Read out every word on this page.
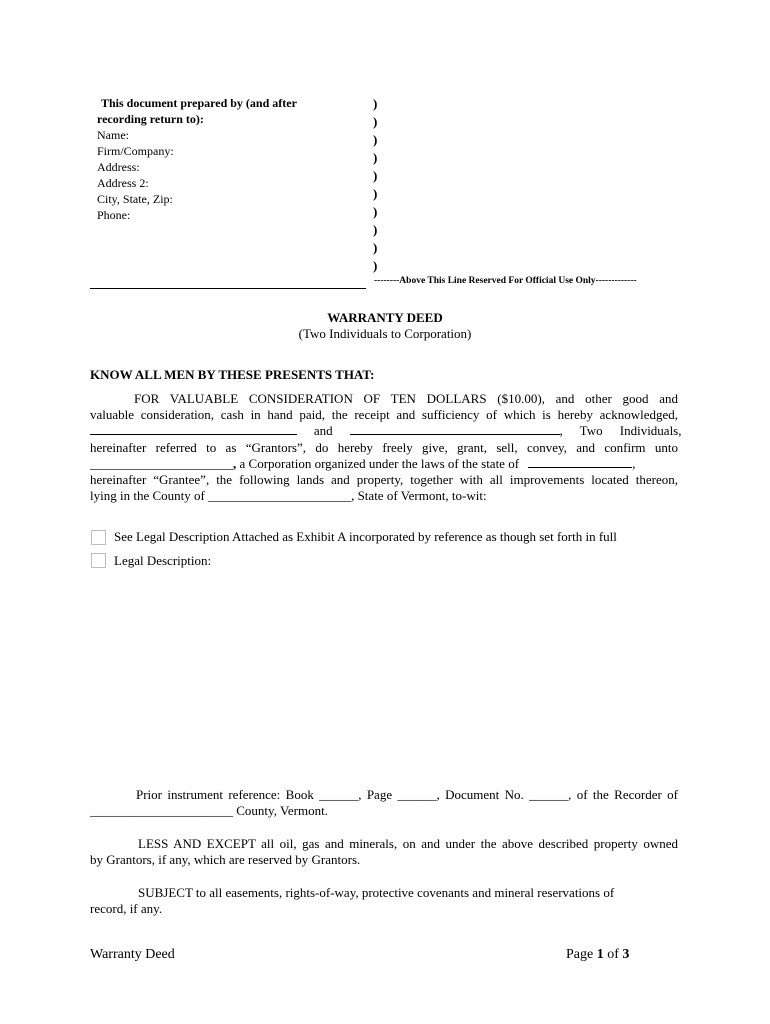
This document prepared by (and after
recording return to):
Name:
Firm/Company:
Address:
Address 2:
City, State, Zip:
Phone:
)
)
)
)
)
)
)
)
)
)
--------Above This Line Reserved For Official Use Only-------------
WARRANTY DEED
(Two Individuals to Corporation)
KNOW ALL MEN BY THESE PRESENTS THAT:
FOR VALUABLE CONSIDERATION OF TEN DOLLARS ($10.00), and other good and
valuable consideration, cash in hand paid, the receipt and sufficiency of which is hereby acknowledged,
and	, Two Individuals,
hereinafter referred to as “Grantors”, do hereby freely give, grant, sell, convey, and confirm unto
______________________, a Corporation organized under the laws of the state of	,
hereinafter “Grantee”, the following lands and property, together with all improvements located thereon,
lying in the County of ______________________, State of Vermont, to-wit:
See Legal Description Attached as Exhibit A incorporated by reference as though set forth in full
Legal Description:
Prior instrument reference: Book ______, Page ______, Document No. ______, of the Recorder of
______________________ County, Vermont.
LESS AND EXCEPT all oil, gas and minerals, on and under the above described property owned
by Grantors, if any, which are reserved by Grantors.
SUBJECT to all easements, rights-of-way, protective covenants and mineral reservations of
record, if any.
Warranty Deed	Page 1 of 3
